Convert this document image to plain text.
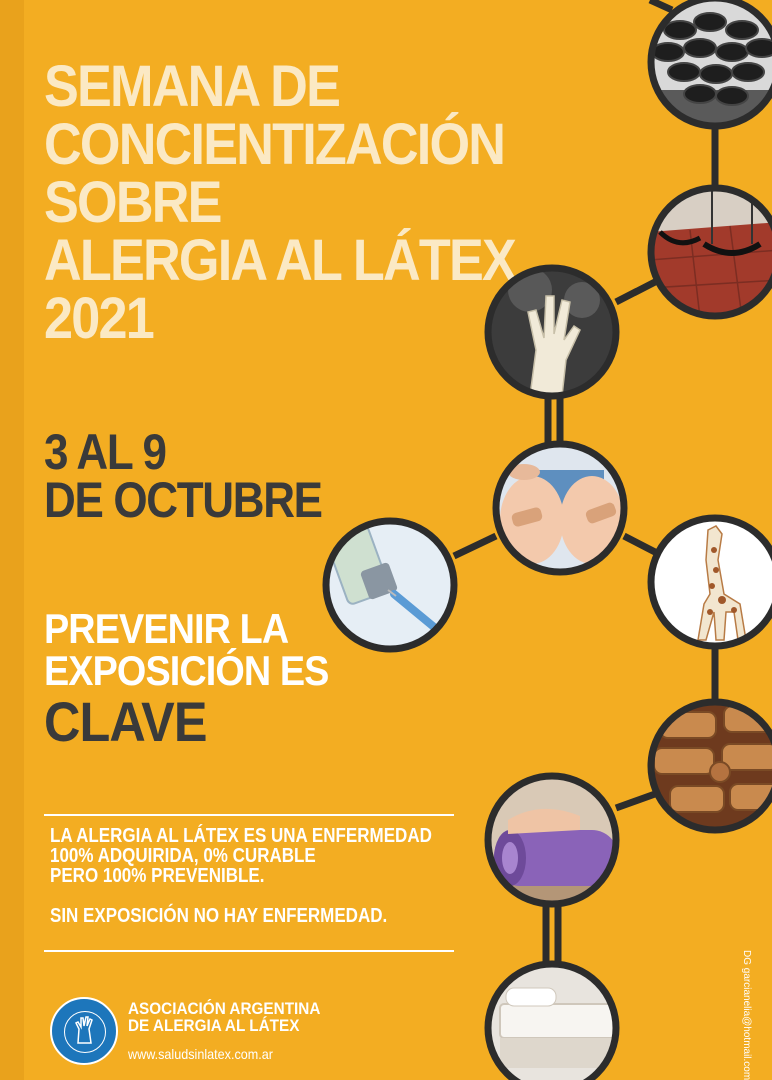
SEMANA DE
CONCIENTIZACIÓN
SOBRE
ALERGIA AL LÁTEX
2021
3 AL 9
DE OCTUBRE
PREVENIR LA
EXPOSICIÓN ES
CLAVE
LA ALERGIA AL LÁTEX ES UNA ENFERMEDAD
100% ADQUIRIDA, 0% CURABLE
PERO 100% PREVENIBLE.
SIN EXPOSICIÓN NO HAY ENFERMEDAD.
ASOCIACIÓN ARGENTINA
DE ALERGIA AL LÁTEX
www.saludsinlatex.com.ar	DG garcianelia@hotmail.com
